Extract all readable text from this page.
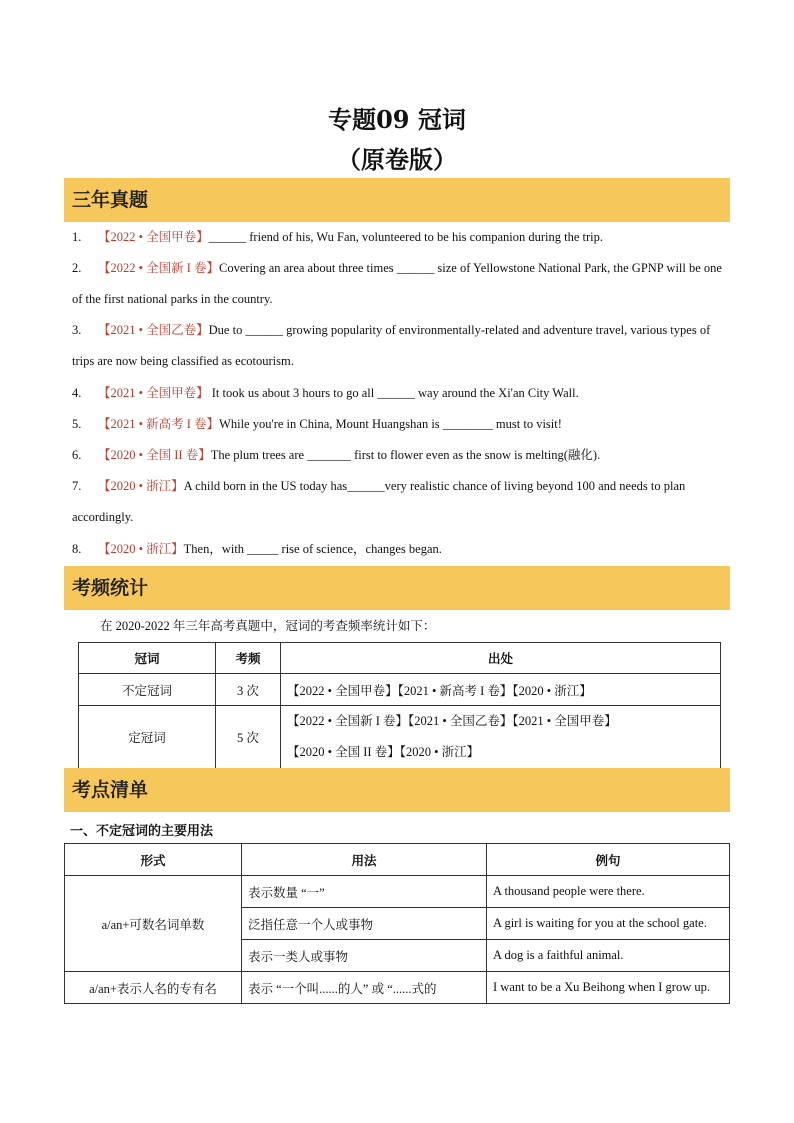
专题09 冠词
（原卷版）
三年真题
1. 【2022 • 全国甲卷】______ friend of his, Wu Fan, volunteered to be his companion during the trip.
2. 【2022 • 全国新 I 卷】Covering an area about three times ______ size of Yellowstone National Park, the GPNP will be one of the first national parks in the country.
3. 【2021 • 全国乙卷】Due to ______ growing popularity of environmentally-related and adventure travel, various types of trips are now being classified as ecotourism.
4. 【2021 • 全国甲卷】 It took us about 3 hours to go all ______ way around the Xi'an City Wall.
5. 【2021 • 新高考 I 卷】While you're in China, Mount Huangshan is ________ must to visit!
6. 【2020 • 全国 II 卷】The plum trees are _______ first to flower even as the snow is melting(融化).
7. 【2020 • 浙江】A child born in the US today has______very realistic chance of living beyond 100 and needs to plan accordingly.
8. 【2020 • 浙江】Then，with _____ rise of science，changes began.
考频统计
在 2020-2022 年三年高考真题中，冠词的考查频率统计如下：
冠词	考频	出处
不定冠词	3 次	【2022 • 全国甲卷】【2021 • 新高考 I 卷】【2020 • 浙江】
定冠词	5 次	【2022 • 全国新 I 卷】【2021 • 全国乙卷】【2021 • 全国甲卷】
【2020 • 全国 II 卷】【2020 • 浙江】
考点清单
一、不定冠词的主要用法
形式	用法	例句
a/an+可数名词单数	表示数量 “一”	A thousand people were there.
	泛指任意一个人或事物	A girl is waiting for you at the school gate.
	表示一类人或事物	A dog is a faithful animal.
a/an+表示人名的专有名	表示 “一个叫......的人” 或 “......式的	I want to be a Xu Beihong when I grow up.
